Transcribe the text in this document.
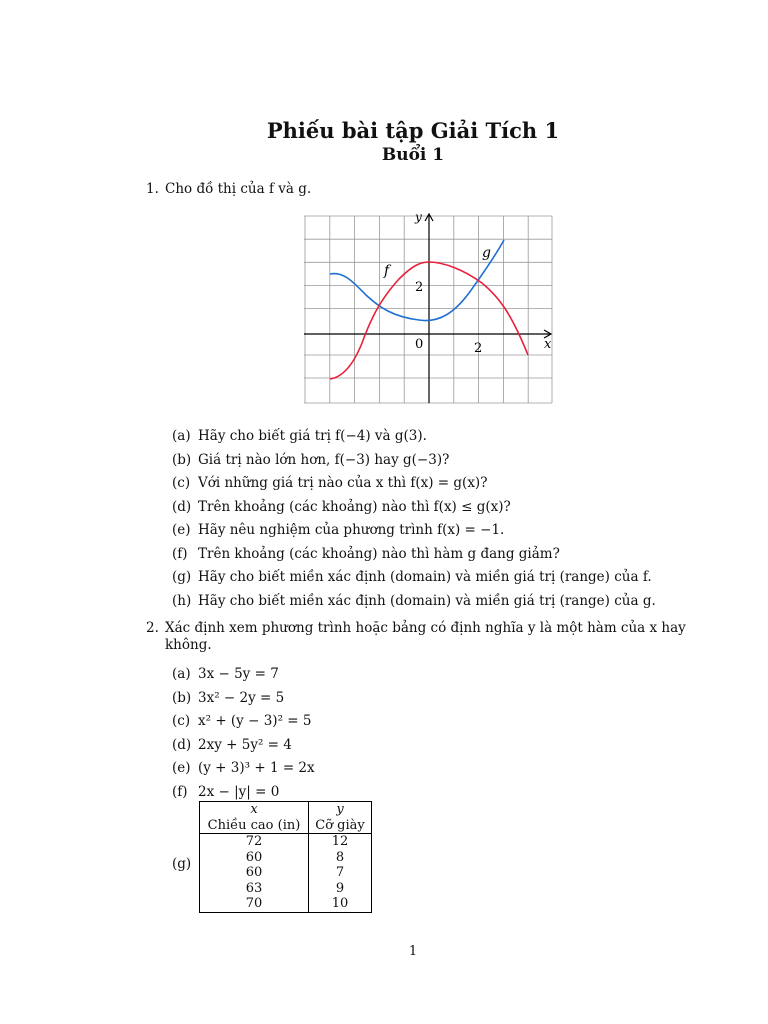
Phiếu bài tập Giải Tích 1
Buổi 1
1. Cho đồ thị của f và g.
y
x
0	2
2
f
g
(a) Hãy cho biết giá trị f(−4) và g(3).
(b) Giá trị nào lớn hơn, f(−3) hay g(−3)?
(c) Với những giá trị nào của x thì f(x) = g(x)?
(d) Trên khoảng (các khoảng) nào thì f(x) ≤ g(x)?
(e) Hãy nêu nghiệm của phương trình f(x) = −1.
(f) Trên khoảng (các khoảng) nào thì hàm g đang giảm?
(g) Hãy cho biết miền xác định (domain) và miền giá trị (range) của f.
(h) Hãy cho biết miền xác định (domain) và miền giá trị (range) của g.
2. Xác định xem phương trình hoặc bảng có định nghĩa y là một hàm của x hay
không.
(a) 3x − 5y = 7
(b) 3x² − 2y = 5
(c) x² + (y − 3)² = 5
(d) 2xy + 5y² = 4
(e) (y + 3)³ + 1 = 2x
(f) 2x − |y| = 0
(g)
x	y
Chiều cao (in)	Cỡ giày
72	12
60	8
60	7
63	9
70	10
1
